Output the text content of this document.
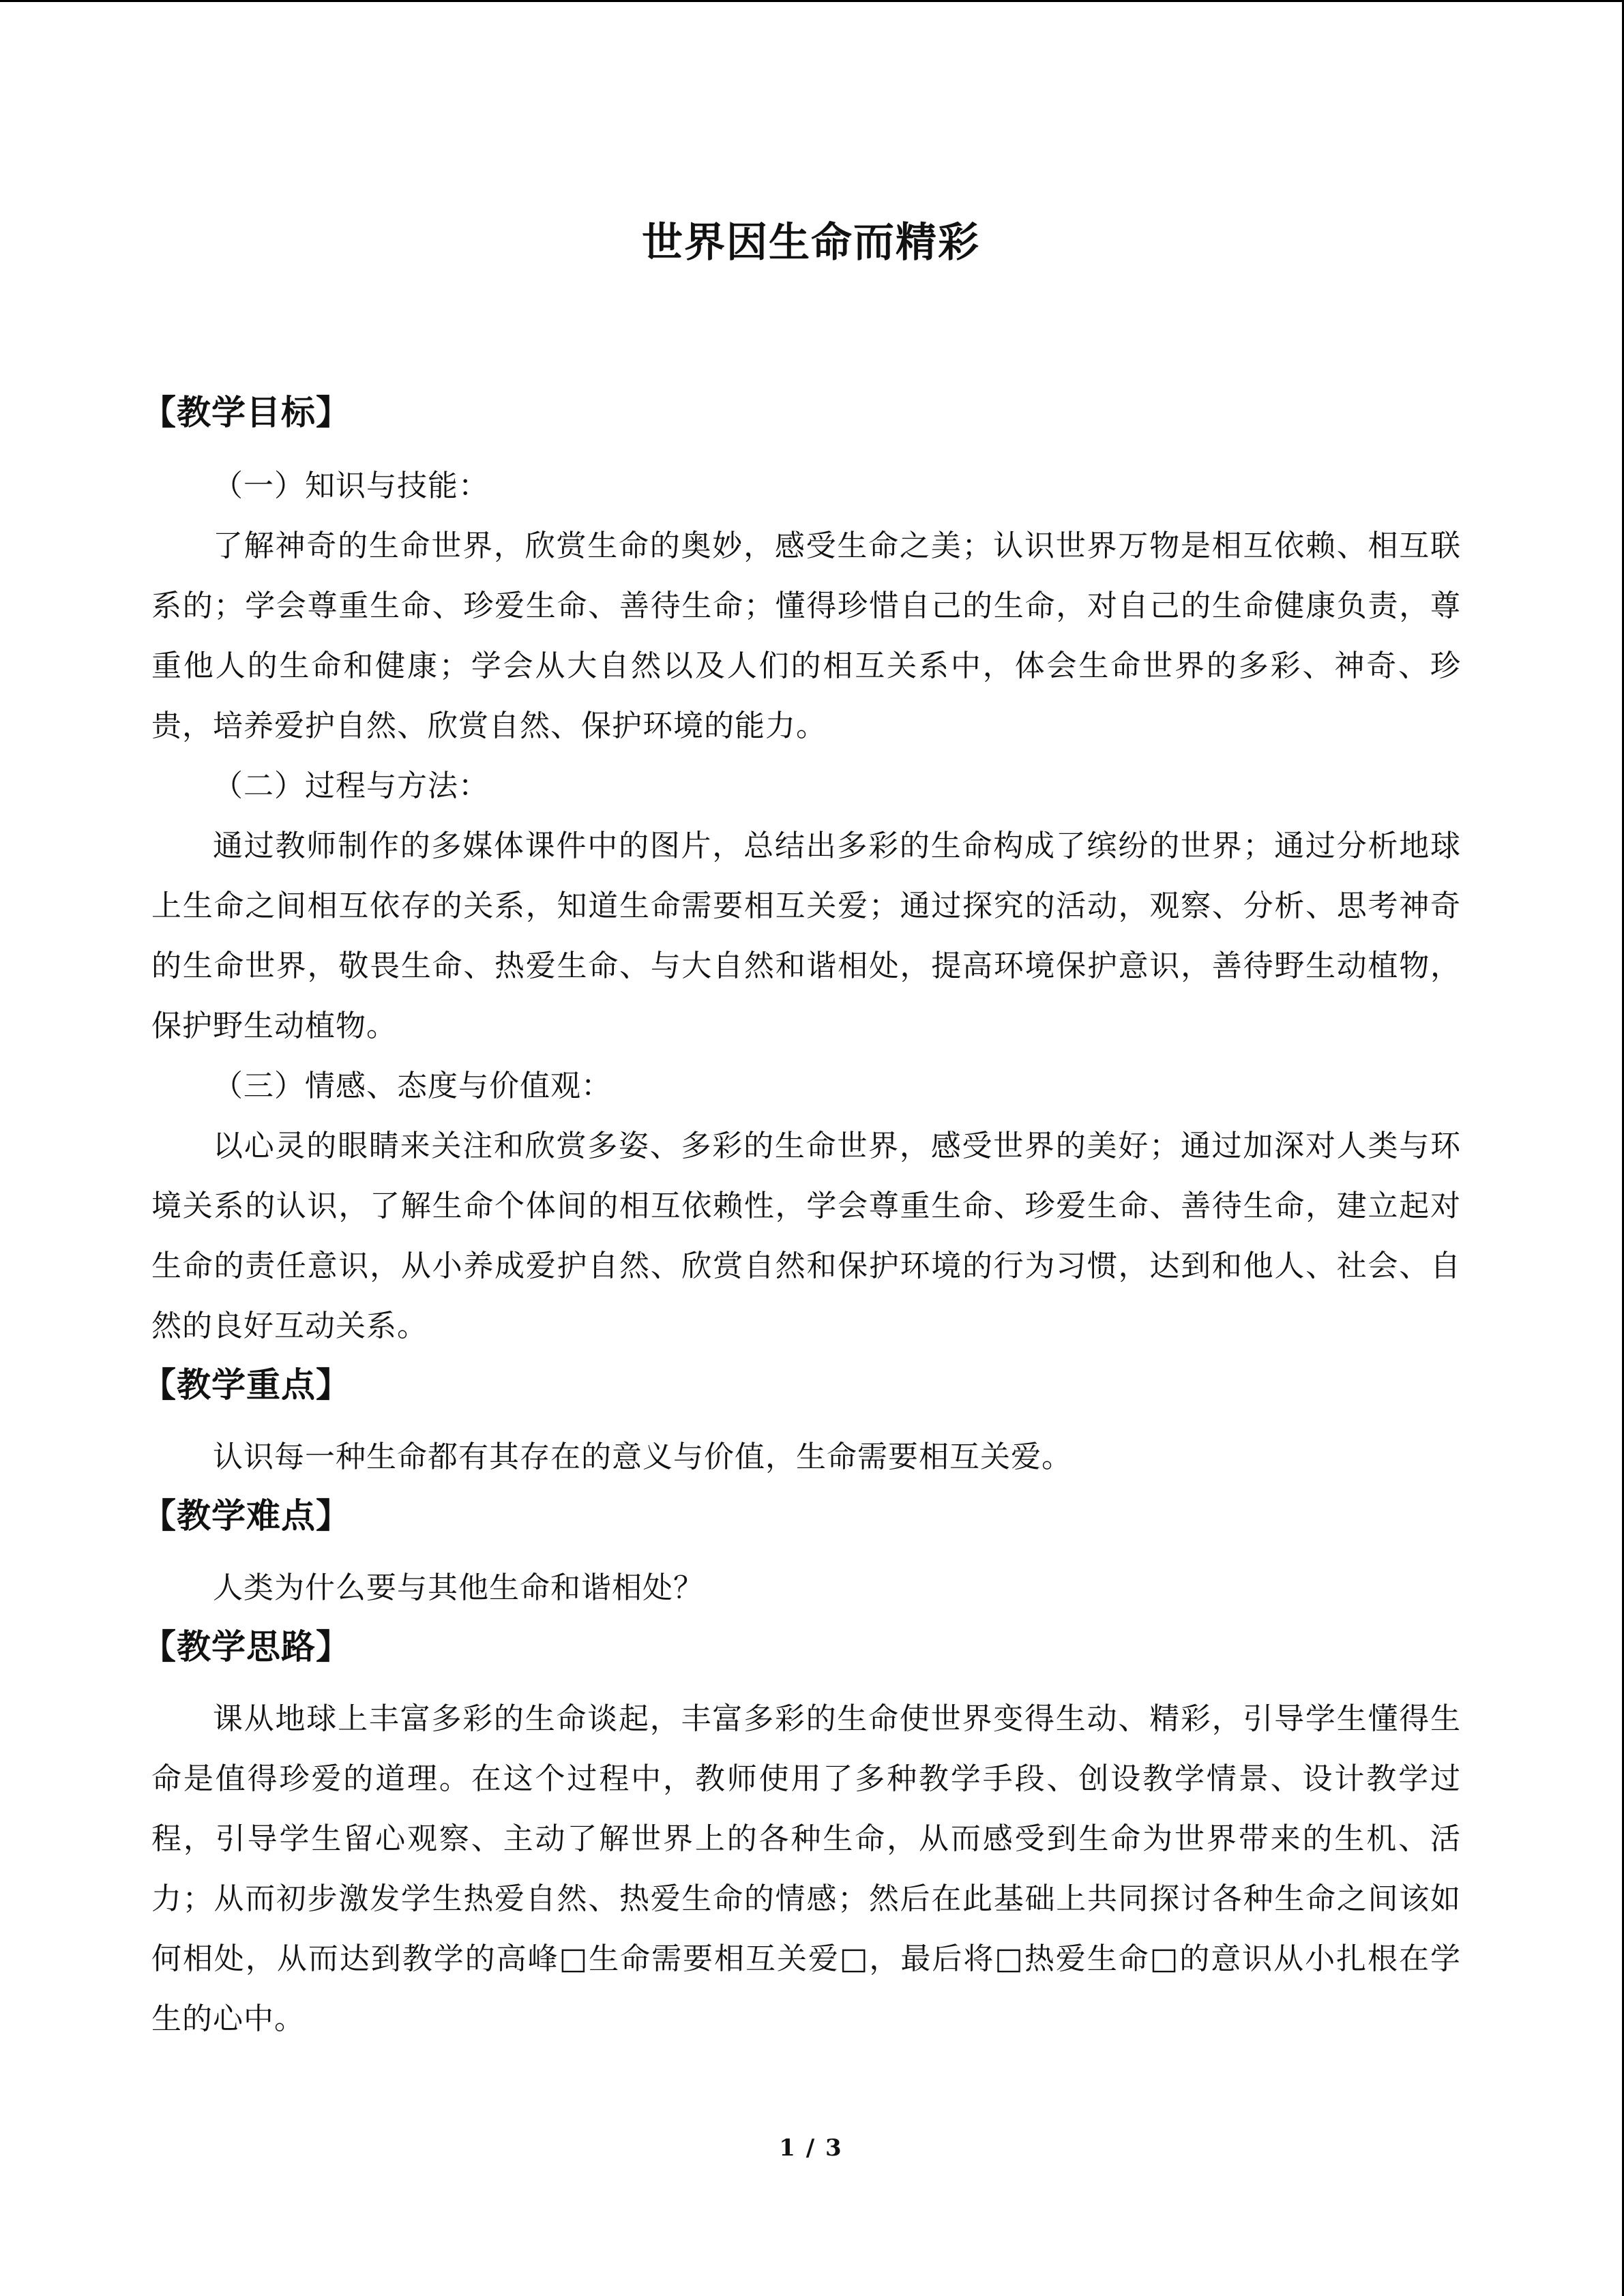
世界因生命而精彩
【教学目标】
（一）知识与技能：

了解神奇的生命世界，欣赏生命的奥妙，感受生命之美；认识世界万物是相互依赖、相互联系的；学会尊重生命、珍爱生命、善待生命；懂得珍惜自己的生命，对自己的生命健康负责，尊重他人的生命和健康；学会从大自然以及人们的相互关系中，体会生命世界的多彩、神奇、珍贵，培养爱护自然、欣赏自然、保护环境的能力。

（二）过程与方法：

通过教师制作的多媒体课件中的图片，总结出多彩的生命构成了缤纷的世界；通过分析地球上生命之间相互依存的关系，知道生命需要相互关爱；通过探究的活动，观察、分析、思考神奇的生命世界，敬畏生命、热爱生命、与大自然和谐相处，提高环境保护意识，善待野生动植物，保护野生动植物。

（三）情感、态度与价值观：

以心灵的眼睛来关注和欣赏多姿、多彩的生命世界，感受世界的美好；通过加深对人类与环境关系的认识，了解生命个体间的相互依赖性，学会尊重生命、珍爱生命、善待生命，建立起对生命的责任意识，从小养成爱护自然、欣赏自然和保护环境的行为习惯，达到和他人、社会、自然的良好互动关系。

【教学重点】

认识每一种生命都有其存在的意义与价值，生命需要相互关爱。

【教学难点】

人类为什么要与其他生命和谐相处？

【教学思路】

课从地球上丰富多彩的生命谈起，丰富多彩的生命使世界变得生动、精彩，引导学生懂得生命是值得珍爱的道理。在这个过程中，教师使用了多种教学手段、创设教学情景、设计教学过程，引导学生留心观察、主动了解世界上的各种生命，从而感受到生命为世界带来的生机、活力；从而初步激发学生热爱自然、热爱生命的情感；然后在此基础上共同探讨各种生命之间该如何相处，从而达到教学的高峰□生命需要相互关爱□，最后将□热爱生命□的意识从小扎根在学生的心中。

1 / 3
